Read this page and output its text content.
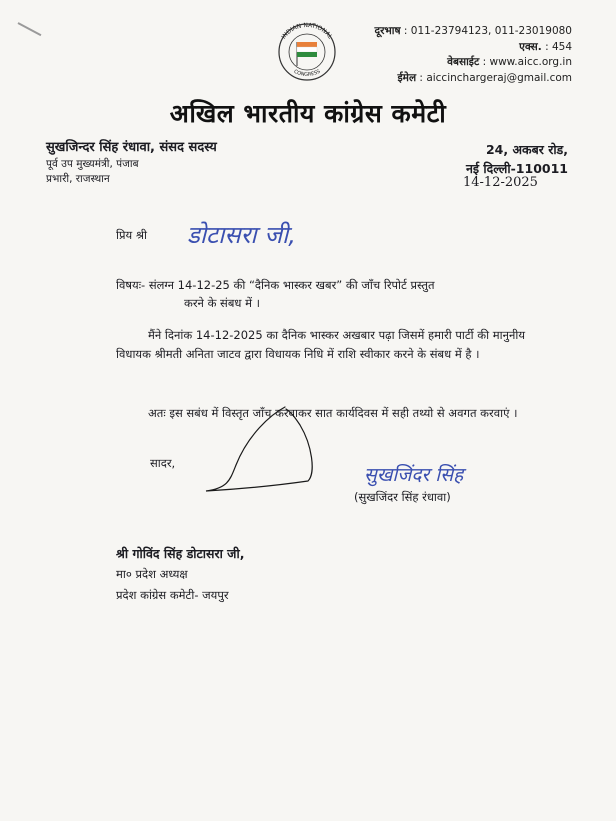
INDIAN NATIONAL
CONGRESS
दूरभाष : 011-23794123, 011-23019080
एक्स. : 454
वेबसाईट : www.aicc.org.in
ईमेल : aiccinchargeraj@gmail.com
अखिल भारतीय कांग्रेस कमेटी
सुखजिन्दर सिंह रंधावा, संसद सदस्य
पूर्व उप मुख्यमंत्री, पंजाब
प्रभारी, राजस्थान
24, अकबर रोड,
नई दिल्ली-110011
14-12-2025
प्रिय श्री डोटासरा जी,
विषयः- संलग्न 14-12-25 की “दैनिक भास्कर खबर” की जाँच रिपोर्ट प्रस्तुत
करने के संबध में ।
मैंने दिनांक 14-12-2025 का दैनिक भास्कर अखबार पढ़ा जिसमें हमारी पार्टी की मानुनीय विधायक श्रीमती अनिता जाटव द्वारा विधायक निधि में राशि स्वीकार करने के संबध में है ।
अतः इस सबंध में विस्तृत जाँच करवाकर सात कार्यदिवस में सही तथ्यो से अवगत करवाएं ।
सादर,
सुखजिंदर सिंह
(सुखजिंदर सिंह रंधावा)
श्री गोविंद सिंह डोटासरा जी,
मा० प्रदेश अध्यक्ष
प्रदेश कांग्रेस कमेटी- जयपुर
